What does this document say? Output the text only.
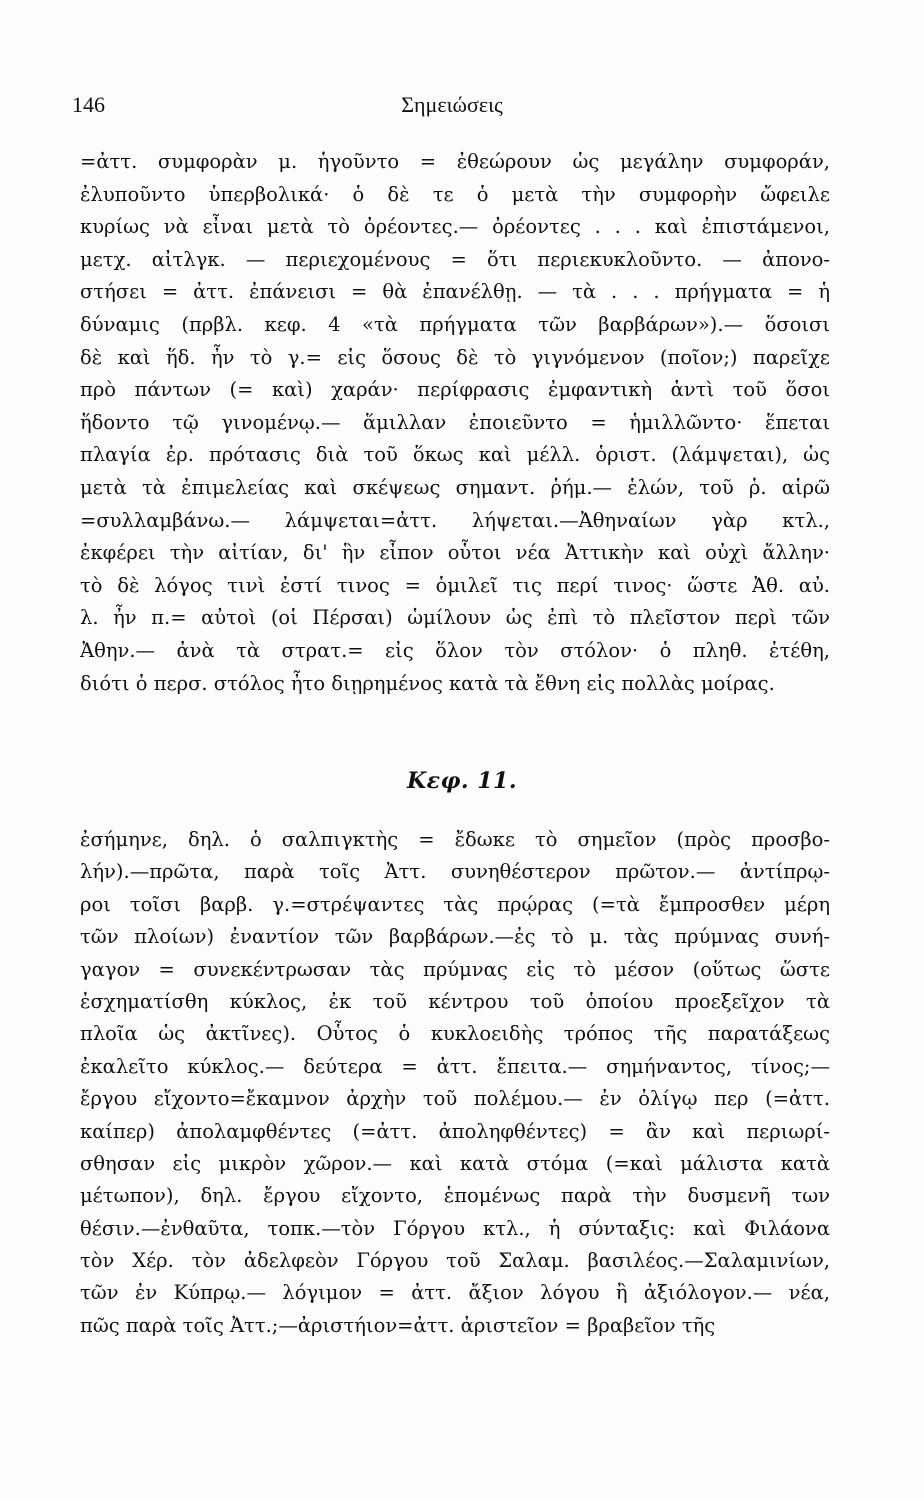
146	Σημειώσεις
=ἀττ. συμφορὰν μ. ἡγοῦντο = ἐθεώρουν ὡς μεγάλην συμφοράν,
ἐλυποῦντο ὑπερβολικά· ὁ δὲ τε ὁ μετὰ τὴν συμφορὴν ὤφειλε
κυρίως νὰ εἶναι μετὰ τὸ ὀρέοντες.— ὀρέοντες . . . καὶ ἐπιστάμενοι,
μετχ. αἰτλγκ. — περιεχομένους = ὅτι περιεκυκλοῦντο. — ἀπονο-
στήσει = ἀττ. ἐπάνεισι = θὰ ἐπανέλθῃ. — τὰ . . . πρήγματα = ἡ
δύναμις (πρβλ. κεφ. 4 «τὰ πρήγματα τῶν βαρβάρων»).— ὅσοισι
δὲ καὶ ἥδ. ἦν τὸ γ.= εἰς ὅσους δὲ τὸ γιγνόμενον (ποῖον;) παρεῖχε
πρὸ πάντων (= καὶ) χαράν· περίφρασις ἐμφαντικὴ ἀντὶ τοῦ ὅσοι
ἥδοντο τῷ γινομένῳ.— ἅμιλλαν ἐποιεῦντο = ἡμιλλῶντο· ἕπεται
πλαγία ἐρ. πρότασις διὰ τοῦ ὅκως καὶ μέλλ. ὁριστ. (λάμψεται), ὡς
μετὰ τὰ ἐπιμελείας καὶ σκέψεως σημαντ. ῥήμ.— ἑλών, τοῦ ῥ. αἱρῶ
=συλλαμβάνω.— λάμψεται=ἀττ. λήψεται.—Ἀθηναίων γὰρ κτλ.,
ἐκφέρει τὴν αἰτίαν, δι' ἣν εἶπον οὗτοι νέα Ἀττικὴν καὶ οὐχὶ ἄλλην·
τὸ δὲ λόγος τινὶ ἐστί τινος = ὁμιλεῖ τις περί τινος· ὥστε Ἀθ. αὐ.
λ. ἦν π.= αὐτοὶ (οἱ Πέρσαι) ὡμίλουν ὡς ἐπὶ τὸ πλεῖστον περὶ τῶν
Ἀθην.— ἀνὰ τὰ στρατ.= εἰς ὅλον τὸν στόλον· ὁ πληθ. ἐτέθη,
διότι ὁ περσ. στόλος ἦτο διῃρημένος κατὰ τὰ ἔθνη εἰς πολλὰς μοίρας.
Κεφ. 11.
ἐσήμηνε, δηλ. ὁ σαλπιγκτὴς = ἔδωκε τὸ σημεῖον (πρὸς προσβο-
λήν).—πρῶτα, παρὰ τοῖς Ἀττ. συνηθέστερον πρῶτον.— ἀντίπρῳ-
ροι τοῖσι βαρβ. γ.=στρέψαντες τὰς πρῴρας (=τὰ ἔμπροσθεν μέρη
τῶν πλοίων) ἐναντίον τῶν βαρβάρων.—ἐς τὸ μ. τὰς πρύμνας συνή-
γαγον = συνεκέντρωσαν τὰς πρύμνας εἰς τὸ μέσον (οὕτως ὥστε
ἐσχηματίσθη κύκλος, ἐκ τοῦ κέντρου τοῦ ὁποίου προεξεῖχον τὰ
πλοῖα ὡς ἀκτῖνες). Οὗτος ὁ κυκλοειδὴς τρόπος τῆς παρατάξεως
ἐκαλεῖτο κύκλος.— δεύτερα = ἀττ. ἔπειτα.— σημήναντος, τίνος;—
ἔργου εἴχοντο=ἔκαμνον ἀρχὴν τοῦ πολέμου.— ἐν ὀλίγῳ περ (=ἀττ.
καίπερ) ἀπολαμφθέντες (=ἀττ. ἀποληφθέντες) = ἂν καὶ περιωρί-
σθησαν εἰς μικρὸν χῶρον.— καὶ κατὰ στόμα (=καὶ μάλιστα κατὰ
μέτωπον), δηλ. ἔργου εἴχοντο, ἑπομένως παρὰ τὴν δυσμενῆ των
θέσιν.—ἐνθαῦτα, τοπκ.—τὸν Γόργου κτλ., ἡ σύνταξις: καὶ Φιλάονα
τὸν Χέρ. τὸν ἀδελφεὸν Γόργου τοῦ Σαλαμ. βασιλέος.—Σαλαμινίων,
τῶν ἐν Κύπρῳ.— λόγιμον = ἀττ. ἄξιον λόγου ἢ ἀξιόλογον.— νέα,
πῶς παρὰ τοῖς Ἀττ.;—ἀριστήιον=ἀττ. ἀριστεῖον = βραβεῖον τῆς
